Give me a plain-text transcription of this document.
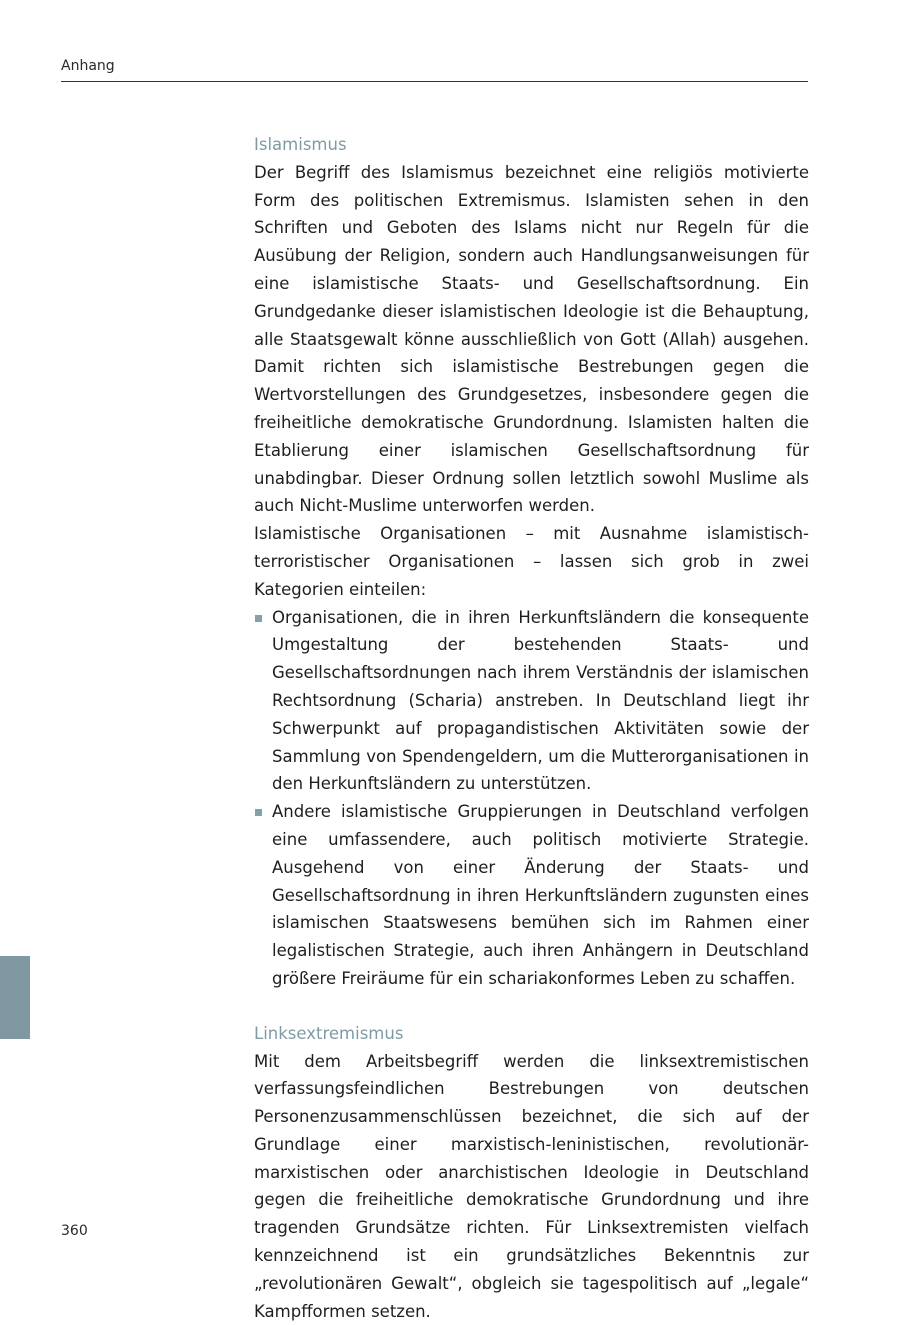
Anhang
Islamismus

Der Begriff des Islamismus bezeichnet eine religiös motivierte Form des politischen Extremismus. Islamisten sehen in den Schriften und Geboten des Islams nicht nur Regeln für die Ausübung der Religion, sondern auch Handlungsanweisungen für eine islamistische Staats- und Gesellschaftsordnung. Ein Grundgedanke dieser islamistischen Ideologie ist die Behauptung, alle Staatsgewalt könne ausschließlich von Gott (Allah) ausgehen. Damit richten sich islamistische Bestrebungen gegen die Wertvorstellungen des Grundgesetzes, insbesondere gegen die freiheitliche demokratische Grundordnung. Islamisten halten die Etablierung einer islamischen Gesellschaftsordnung für unabdingbar. Dieser Ordnung sollen letztlich sowohl Muslime als auch Nicht-Muslime unterworfen werden.

Islamistische Organisationen – mit Ausnahme islamistisch-terroristischer Organisationen – lassen sich grob in zwei Kategorien einteilen:

Organisationen, die in ihren Herkunftsländern die konsequente Umgestaltung der bestehenden Staats- und Gesellschaftsordnungen nach ihrem Verständnis der islamischen Rechtsordnung (Scharia) anstreben. In Deutschland liegt ihr Schwerpunkt auf propagandistischen Aktivitäten sowie der Sammlung von Spendengeldern, um die Mutterorganisationen in den Herkunftsländern zu unterstützen.
Andere islamistische Gruppierungen in Deutschland verfolgen eine umfassendere, auch politisch motivierte Strategie. Ausgehend von einer Änderung der Staats- und Gesellschaftsordnung in ihren Herkunftsländern zugunsten eines islamischen Staatswesens bemühen sich im Rahmen einer legalistischen Strategie, auch ihren Anhängern in Deutschland größere Freiräume für ein schariakonformes Leben zu schaffen.
Linksextremismus

Mit dem Arbeitsbegriff werden die linksextremistischen verfassungsfeindlichen Bestrebungen von deutschen Personenzusammenschlüssen bezeichnet, die sich auf der Grundlage einer marxistisch-leninistischen, revolutionär-marxistischen oder anarchistischen Ideologie in Deutschland gegen die freiheitliche demokratische Grundordnung und ihre tragenden Grundsätze richten. Für Linksextremisten vielfach kennzeichnend ist ein grundsätzliches Bekenntnis zur „revolutionären Gewalt“, obgleich sie tagespolitisch auf „legale“ Kampfformen setzen.

360
